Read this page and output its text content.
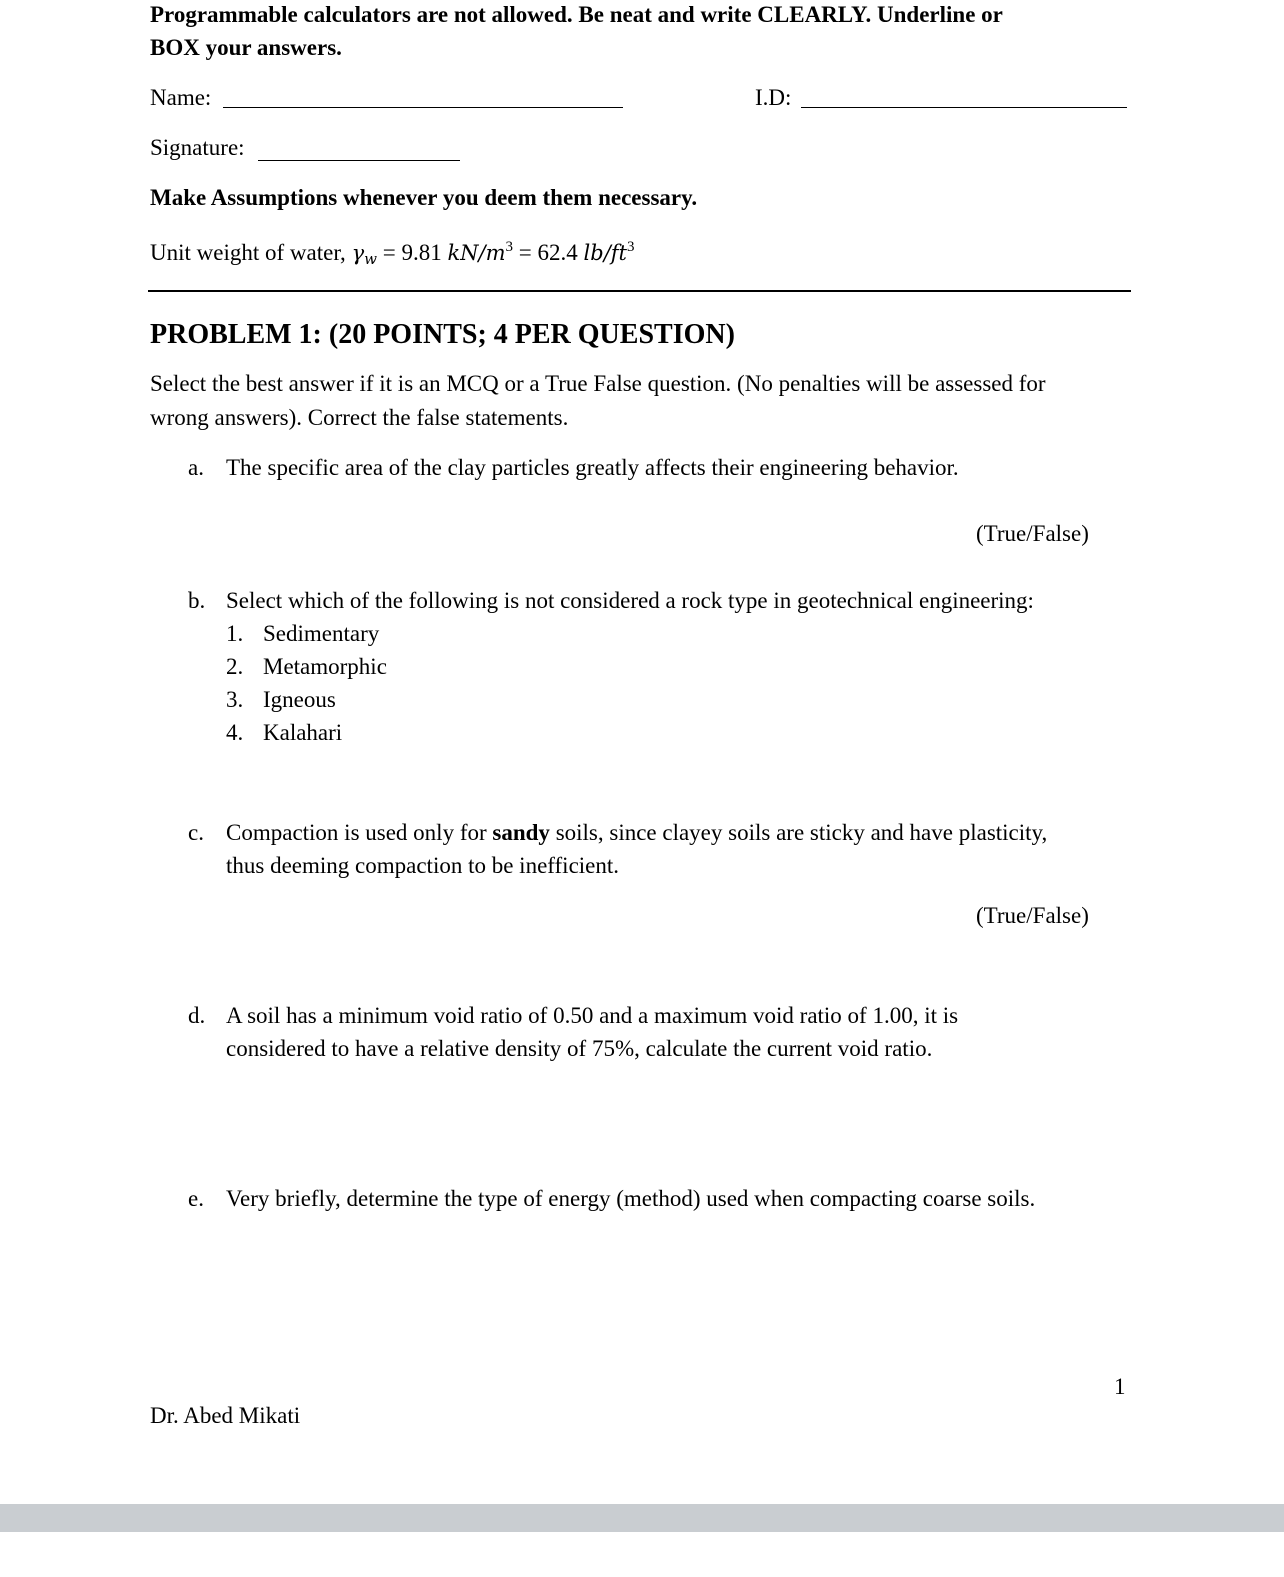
Programmable calculators are not allowed. Be neat and write CLEARLY. Underline or
BOX your answers.
Name:	I.D:
Signature:
Make Assumptions whenever you deem them necessary.
Unit weight of water, $\gamma_w = 9.81$ $kN/m^3 = 62.4$ $lb/ft^3$
PROBLEM 1: (20 POINTS; 4 PER QUESTION)
Select the best answer if it is an MCQ or a True False question. (No penalties will be assessed for
wrong answers). Correct the false statements.
a. The specific area of the clay particles greatly affects their engineering behavior.
(True/False)
b. Select which of the following is not considered a rock type in geotechnical engineering:
1. Sedimentary
2. Metamorphic
3. Igneous
4. Kalahari
c. Compaction is used only for sandy soils, since clayey soils are sticky and have plasticity,
thus deeming compaction to be inefficient.
(True/False)
d. A soil has a minimum void ratio of 0.50 and a maximum void ratio of 1.00, it is
considered to have a relative density of 75%, calculate the current void ratio.
e. Very briefly, determine the type of energy (method) used when compacting coarse soils.
1
Dr. Abed Mikati
